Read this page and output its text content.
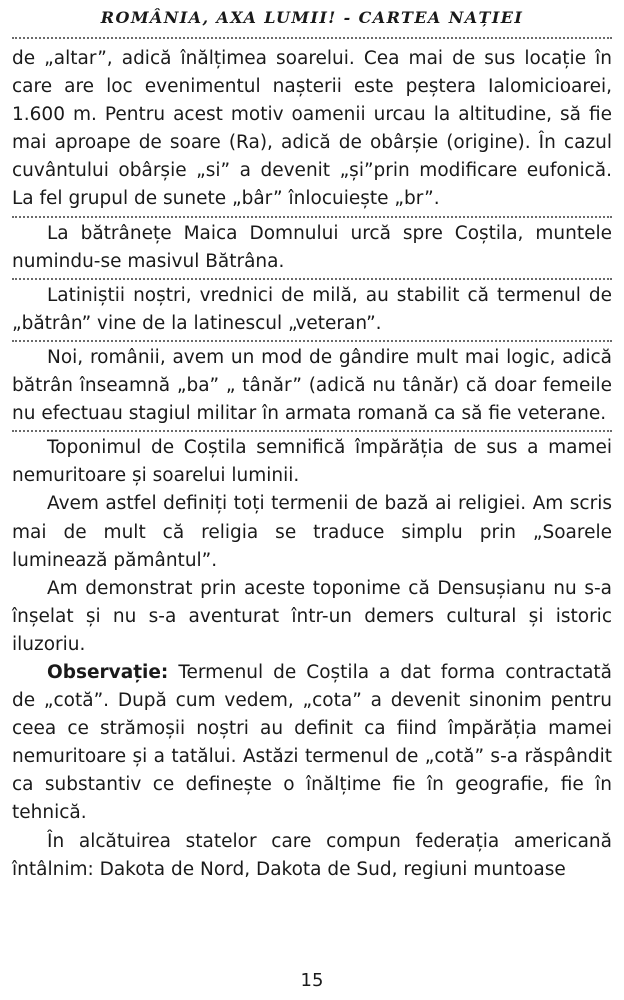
ROMÂNIA, AXA LUMII! - CARTEA NAȚIEI

de „altar”, adică înălțimea soarelui. Cea mai de sus locație în care are loc evenimentul nașterii este peștera Ialomicioarei, 1.600 m. Pentru acest motiv oamenii urcau la altitudine, să fie mai aproape de soare (Ra), adică de obârșie (origine). În cazul cuvântului obârșie „si” a devenit „și”prin modificare eufonică. La fel grupul de sunete „bâr” înlocuiește „br”.

La bătrânețe Maica Domnului urcă spre Coștila, muntele numindu-se masivul Bătrâna.

Latiniștii noștri, vrednici de milă, au stabilit că termenul de „bătrân” vine de la latinescul „veteran”.

Noi, românii, avem un mod de gândire mult mai logic, adică bătrân înseamnă „ba” „ tânăr” (adică nu tânăr) că doar femeile nu efectuau stagiul militar în armata romană ca să fie veterane.

Toponimul de Coștila semnifică împărăția de sus a mamei nemuritoare și soarelui luminii.

Avem astfel definiți toți termenii de bază ai religiei. Am scris mai de mult că religia se traduce simplu prin „Soarele luminează pământul”.

Am demonstrat prin aceste toponime că Densușianu nu s-a înșelat și nu s-a aventurat într-un demers cultural și istoric iluzoriu.

Observație: Termenul de Coștila a dat forma contractată de „cotă”. După cum vedem, „cota” a devenit sinonim pentru ceea ce strămoșii noștri au definit ca fiind împărăția mamei nemuritoare și a tatălui. Astăzi termenul de „cotă” s-a răspândit ca substantiv ce definește o înălțime fie în geografie, fie în tehnică.

În alcătuirea statelor care compun federația americană întâlnim: Dakota de Nord, Dakota de Sud, regiuni muntoase

15
